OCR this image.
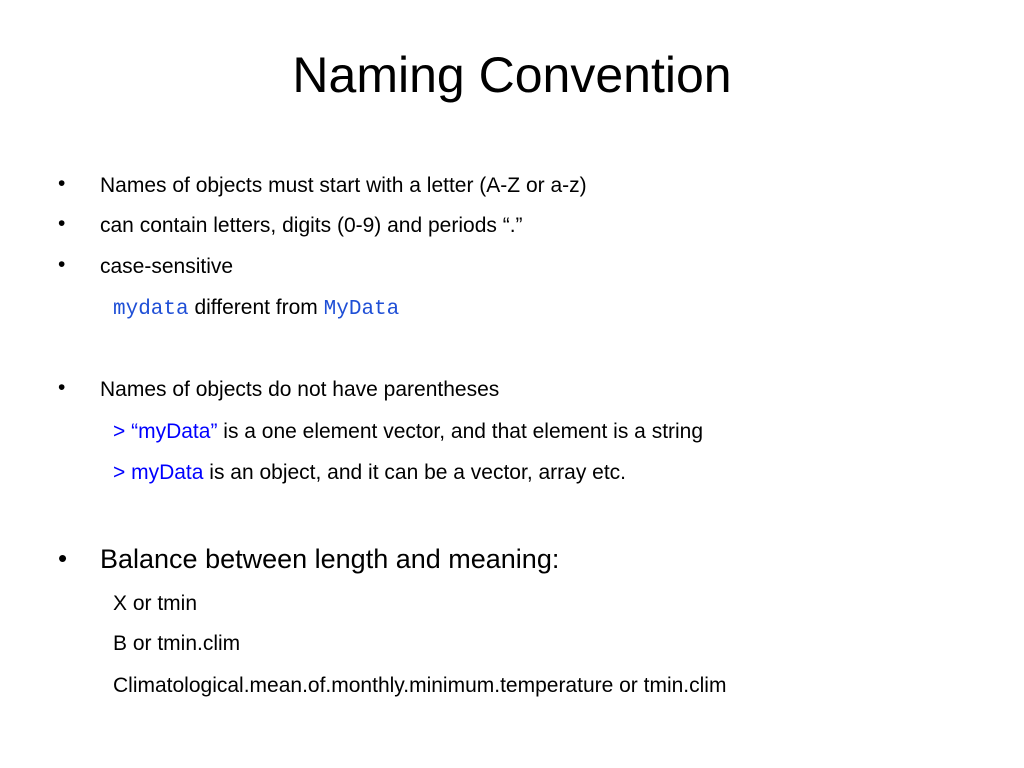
Naming Convention
• Names of objects must start with a letter (A-Z or a-z)
• can contain letters, digits (0-9) and periods “.”
• case-sensitive
mydata different from MyData
• Names of objects do not have parentheses
> “myData” is a one element vector, and that element is a string
> myData is an object, and it can be a vector, array etc.
• Balance between length and meaning:
X or tmin
B or tmin.clim
Climatological.mean.of.monthly.minimum.temperature or tmin.clim
